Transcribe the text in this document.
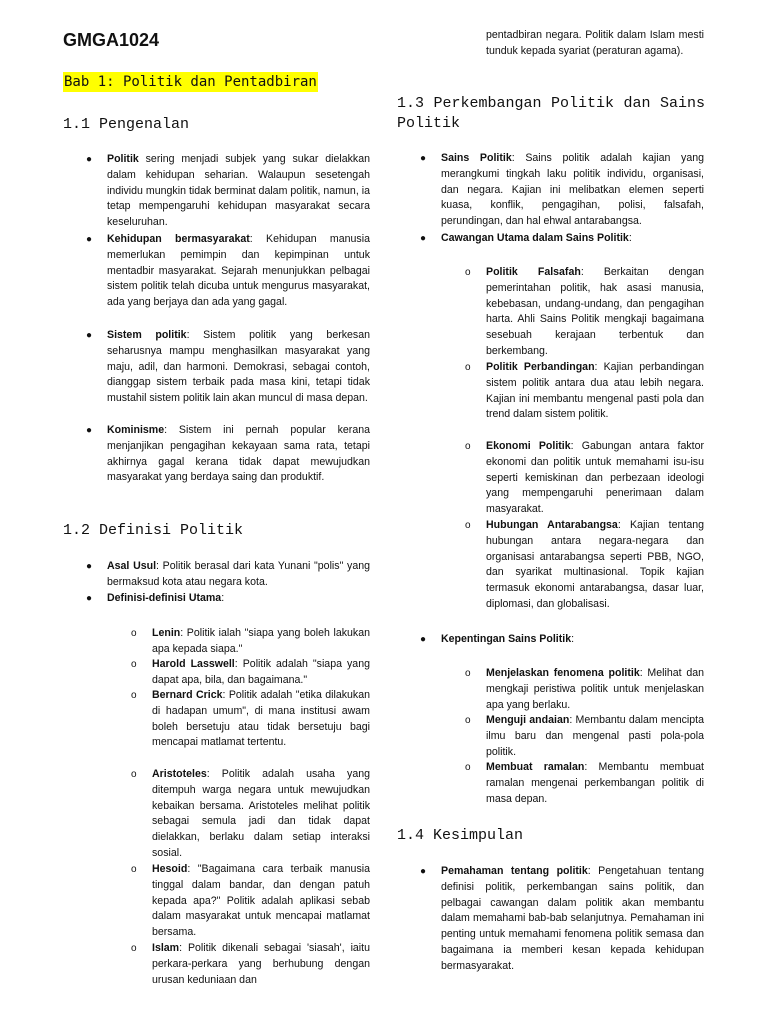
GMGA1024
Bab 1: Politik dan Pentadbiran
1.1 Pengenalan
● Politik sering menjadi subjek yang sukar dielakkan dalam kehidupan seharian. Walaupun sesetengah individu mungkin tidak berminat dalam politik, namun, ia tetap mempengaruhi kehidupan masyarakat secara keseluruhan.
● Kehidupan bermasyarakat: Kehidupan manusia memerlukan pemimpin dan kepimpinan untuk mentadbir masyarakat. Sejarah menunjukkan pelbagai sistem politik telah dicuba untuk mengurus masyarakat, ada yang berjaya dan ada yang gagal.
● Sistem politik: Sistem politik yang berkesan seharusnya mampu menghasilkan masyarakat yang maju, adil, dan harmoni. Demokrasi, sebagai contoh, dianggap sistem terbaik pada masa kini, tetapi tidak mustahil sistem politik lain akan muncul di masa depan.
● Kominisme: Sistem ini pernah popular kerana menjanjikan pengagihan kekayaan sama rata, tetapi akhirnya gagal kerana tidak dapat mewujudkan masyarakat yang berdaya saing dan produktif.
1.2 Definisi Politik
● Asal Usul: Politik berasal dari kata Yunani "polis" yang bermaksud kota atau negara kota.
● Definisi-definisi Utama:
o Lenin: Politik ialah "siapa yang boleh lakukan apa kepada siapa."
o Harold Lasswell: Politik adalah "siapa yang dapat apa, bila, dan bagaimana."
o Bernard Crick: Politik adalah "etika dilakukan di hadapan umum", di mana institusi awam boleh bersetuju atau tidak bersetuju bagi mencapai matlamat tertentu.
o Aristoteles: Politik adalah usaha yang ditempuh warga negara untuk mewujudkan kebaikan bersama. Aristoteles melihat politik sebagai semula jadi dan tidak dapat dielakkan, berlaku dalam setiap interaksi sosial.
o Hesoid: "Bagaimana cara terbaik manusia tinggal dalam bandar, dan dengan patuh kepada apa?" Politik adalah aplikasi sebab dalam masyarakat untuk mencapai matlamat bersama.
o Islam: Politik dikenali sebagai 'siasah', iaitu perkara-perkara yang berhubung dengan urusan keduniaan dan
pentadbiran negara. Politik dalam Islam mesti tunduk kepada syariat (peraturan agama).
1.3 Perkembangan Politik dan Sains Politik
● Sains Politik: Sains politik adalah kajian yang merangkumi tingkah laku politik individu, organisasi, dan negara. Kajian ini melibatkan elemen seperti kuasa, konflik, pengagihan, polisi, falsafah, perundingan, dan hal ehwal antarabangsa.
● Cawangan Utama dalam Sains Politik:
o Politik Falsafah: Berkaitan dengan pemerintahan politik, hak asasi manusia, kebebasan, undang-undang, dan pengagihan harta. Ahli Sains Politik mengkaji bagaimana sesebuah kerajaan terbentuk dan berkembang.
o Politik Perbandingan: Kajian perbandingan sistem politik antara dua atau lebih negara. Kajian ini membantu mengenal pasti pola dan trend dalam sistem politik.
o Ekonomi Politik: Gabungan antara faktor ekonomi dan politik untuk memahami isu-isu seperti kemiskinan dan perbezaan ideologi yang mempengaruhi penerimaan dalam masyarakat.
o Hubungan Antarabangsa: Kajian tentang hubungan antara negara-negara dan organisasi antarabangsa seperti PBB, NGO, dan syarikat multinasional. Topik kajian termasuk ekonomi antarabangsa, dasar luar, diplomasi, dan globalisasi.
● Kepentingan Sains Politik:
o Menjelaskan fenomena politik: Melihat dan mengkaji peristiwa politik untuk menjelaskan apa yang berlaku.
o Menguji andaian: Membantu dalam mencipta ilmu baru dan mengenal pasti pola-pola politik.
o Membuat ramalan: Membantu membuat ramalan mengenai perkembangan politik di masa depan.
1.4 Kesimpulan
● Pemahaman tentang politik: Pengetahuan tentang definisi politik, perkembangan sains politik, dan pelbagai cawangan dalam politik akan membantu dalam memahami bab-bab selanjutnya. Pemahaman ini penting untuk memahami fenomena politik semasa dan bagaimana ia memberi kesan kepada kehidupan bermasyarakat.
